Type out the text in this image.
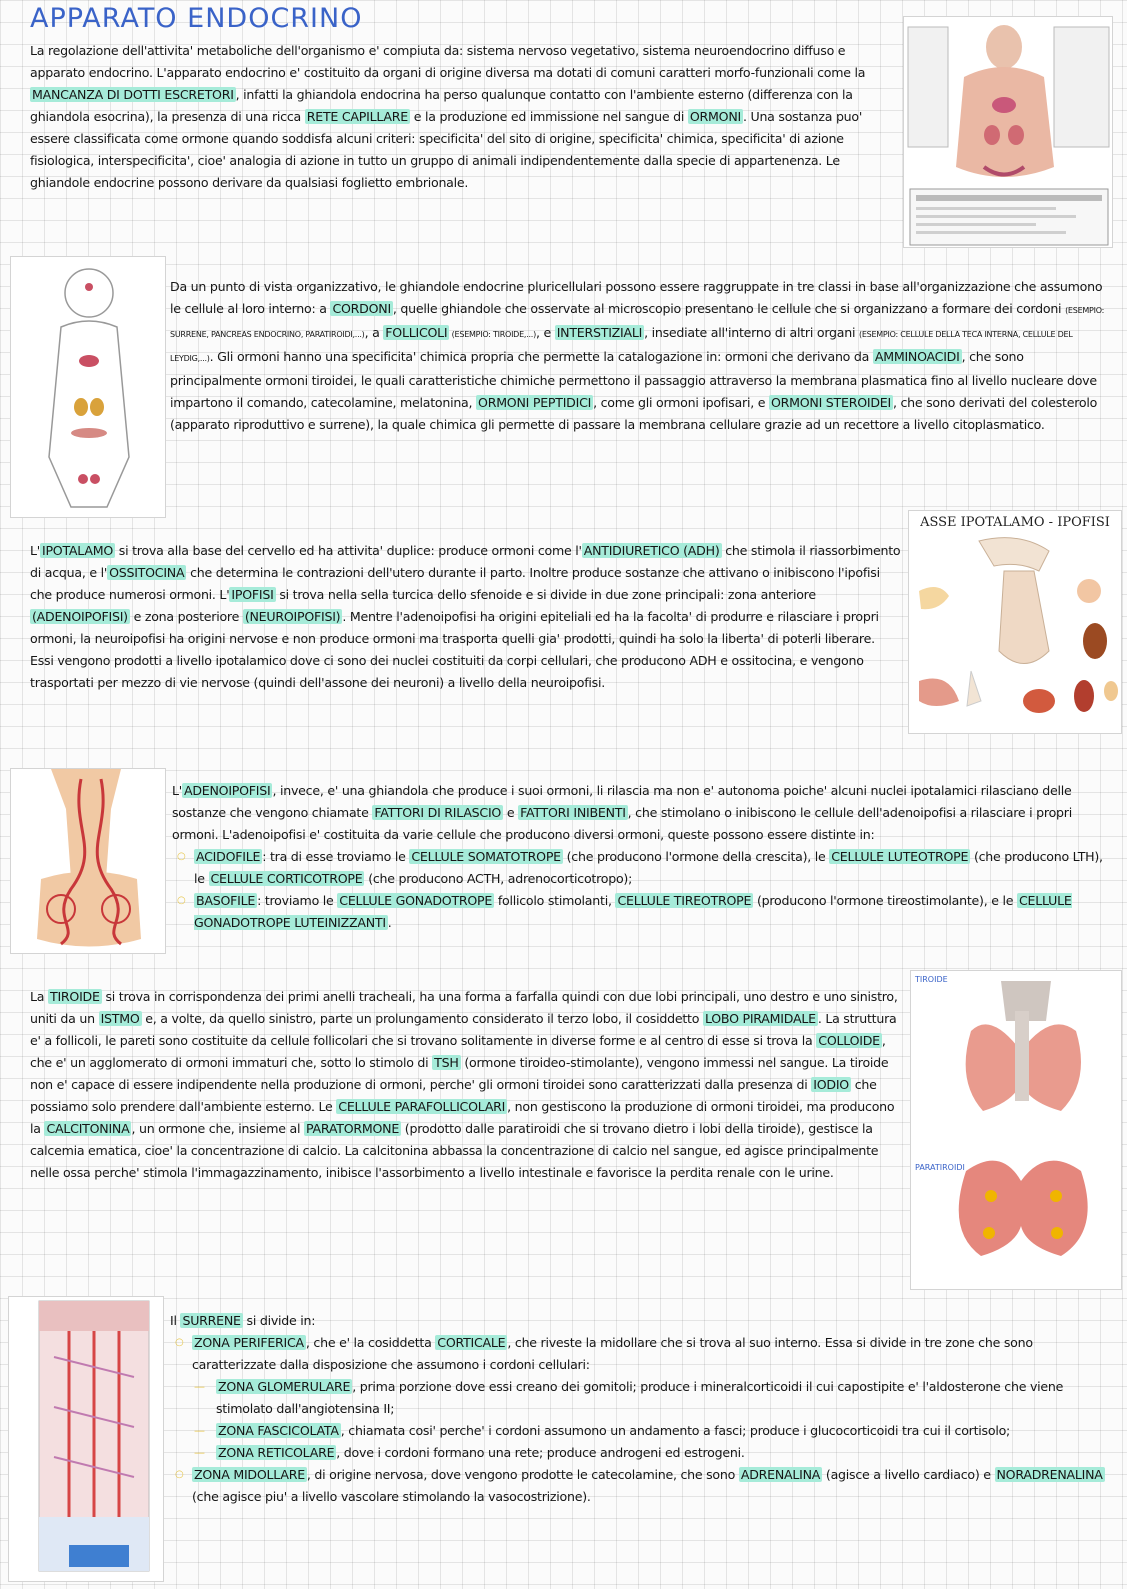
APPARATO ENDOCRINO

La regolazione dell'attivita' metaboliche dell'organismo e' compiuta da: sistema nervoso vegetativo, sistema neuroendocrino diffuso e apparato endocrino. L'apparato endocrino e' costituito da organi di origine diversa ma dotati di comuni caratteri morfo-funzionali come la MANCANZA DI DOTTI ESCRETORI , infatti la ghiandola endocrina ha perso qualunque contatto con l'ambiente esterno (differenza con la ghiandola esocrina), la presenza di una ricca RETE CAPILLARE e la produzione ed immissione nel sangue di ORMONI . Una sostanza puo' essere classificata come ormone quando soddisfa alcuni criteri: specificita' del sito di origine, specificita' chimica, specificita' di azione fisiologica, interspecificita', cioe' analogia di azione in tutto un gruppo di animali indipendentemente dalla specie di appartenenza. Le ghiandole endocrine possono derivare da qualsiasi foglietto embrionale.

Da un punto di vista organizzativo, le ghiandole endocrine pluricellulari possono essere raggruppate in tre classi in base all'organizzazione che assumono le cellule al loro interno: a CORDONI , quelle ghiandole che osservate al microscopio presentano le cellule che si organizzano a formare dei cordoni (ESEMPIO: SURRENE, PANCREAS ENDOCRINO, PARATIROIDI,...), a FOLLICOLI (ESEMPIO: TIROIDE,...), e INTERSTIZIALI , insediate all'interno di altri organi (ESEMPIO: CELLULE DELLA TECA INTERNA, CELLULE DEL LEYDIG,...). Gli ormoni hanno una specificita' chimica propria che permette la catalogazione in: ormoni che derivano da AMMINOACIDI , che sono principalmente ormoni tiroidei, le quali caratteristiche chimiche permettono il passaggio attraverso la membrana plasmatica fino al livello nucleare dove impartono il comando, catecolamine, melatonina, ORMONI PEPTIDICI , come gli ormoni ipofisari, e ORMONI STEROIDEI , che sono derivati del colesterolo (apparato riproduttivo e surrene), la quale chimica gli permette di passare la membrana cellulare grazie ad un recettore a livello citoplasmatico.

ASSE IPOTALAMO - IPOFISI

L' IPOTALAMO si trova alla base del cervello ed ha attivita' duplice: produce ormoni come l' ANTIDIURETICO (ADH) che stimola il riassorbimento di acqua, e l' OSSITOCINA che determina le contrazioni dell'utero durante il parto. Inoltre produce sostanze che attivano o inibiscono l'ipofisi che produce numerosi ormoni. L' IPOFISI si trova nella sella turcica dello sfenoide e si divide in due zone principali: zona anteriore (ADENOIPOFISI) e zona posteriore (NEUROIPOFISI) . Mentre l'adenoipofisi ha origini epiteliali ed ha la facolta' di produrre e rilasciare i propri ormoni, la neuroipofisi ha origini nervose e non produce ormoni ma trasporta quelli gia' prodotti, quindi ha solo la liberta' di poterli liberare. Essi vengono prodotti a livello ipotalamico dove ci sono dei nuclei costituiti da corpi cellulari, che producono ADH e ossitocina, e vengono trasportati per mezzo di vie nervose (quindi dell'assone dei neuroni) a livello della neuroipofisi.

L' ADENOIPOFISI , invece, e' una ghiandola che produce i suoi ormoni, li rilascia ma non e' autonoma poiche' alcuni nuclei ipotalamici rilasciano delle sostanze che vengono chiamate FATTORI DI RILASCIO e FATTORI INIBENTI , che stimolano o inibiscono le cellule dell'adenoipofisi a rilasciare i propri ormoni. L'adenoipofisi e' costituita da varie cellule che producono diversi ormoni, queste possono essere distinte in:

○ ACIDOFILE : tra di esse troviamo le CELLULE SOMATOTROPE (che producono l'ormone della crescita), le CELLULE LUTEOTROPE (che producono LTH), le CELLULE CORTICOTROPE (che producono ACTH, adrenocorticotropo);
○ BASOFILE : troviamo le CELLULE GONADOTROPE follicolo stimolanti, CELLULE TIREOTROPE (producono l'ormone tireostimolante), e le CELLULE GONADOTROPE LUTEINIZZANTI .
TIROIDE
PARATIROIDI

La TIROIDE si trova in corrispondenza dei primi anelli tracheali, ha una forma a farfalla quindi con due lobi principali, uno destro e uno sinistro, uniti da un ISTMO e, a volte, da quello sinistro, parte un prolungamento considerato il terzo lobo, il cosiddetto LOBO PIRAMIDALE . La struttura e' a follicoli, le pareti sono costituite da cellule follicolari che si trovano solitamente in diverse forme e al centro di esse si trova la COLLOIDE , che e' un agglomerato di ormoni immaturi che, sotto lo stimolo di TSH (ormone tiroideo-stimolante), vengono immessi nel sangue. La tiroide non e' capace di essere indipendente nella produzione di ormoni, perche' gli ormoni tiroidei sono caratterizzati dalla presenza di IODIO che possiamo solo prendere dall'ambiente esterno. Le CELLULE PARAFOLLICOLARI , non gestiscono la produzione di ormoni tiroidei, ma producono la CALCITONINA , un ormone che, insieme al PARATORMONE (prodotto dalle paratiroidi che si trovano dietro i lobi della tiroide), gestisce la calcemia ematica, cioe' la concentrazione di calcio. La calcitonina abbassa la concentrazione di calcio nel sangue, ed agisce principalmente nelle ossa perche' stimola l'immagazzinamento, inibisce l'assorbimento a livello intestinale e favorisce la perdita renale con le urine.

Il SURRENE si divide in:

○ ZONA PERIFERICA , che e' la cosiddetta CORTICALE , che riveste la midollare che si trova al suo interno. Essa si divide in tre zone che sono caratterizzate dalla disposizione che assumono i cordoni cellulari:
— ZONA GLOMERULARE , prima porzione dove essi creano dei gomitoli; produce i mineralcorticoidi il cui capostipite e' l'aldosterone che viene stimolato dall'angiotensina II;
— ZONA FASCICOLATA , chiamata cosi' perche' i cordoni assumono un andamento a fasci; produce i glucocorticoidi tra cui il cortisolo;
— ZONA RETICOLARE , dove i cordoni formano una rete; produce androgeni ed estrogeni.
○ ZONA MIDOLLARE , di origine nervosa, dove vengono prodotte le catecolamine, che sono ADRENALINA (agisce a livello cardiaco) e NORADRENALINA (che agisce piu' a livello vascolare stimolando la vasocostrizione).
